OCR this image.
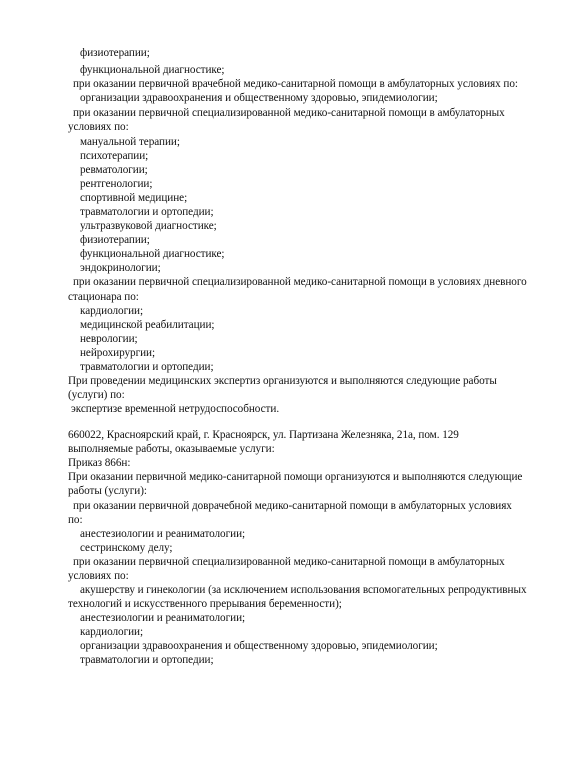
физиотерапии;
функциональной диагностике;
при оказании первичной врачебной медико-санитарной помощи в амбулаторных условиях по:
организации здравоохранения и общественному здоровью, эпидемиологии;
при оказании первичной специализированной медико-санитарной помощи в амбулаторных
условиях по:
мануальной терапии;
психотерапии;
ревматологии;
рентгенологии;
спортивной медицине;
травматологии и ортопедии;
ультразвуковой диагностике;
физиотерапии;
функциональной диагностике;
эндокринологии;
при оказании первичной специализированной медико-санитарной помощи в условиях дневного
стационара по:
кардиологии;
медицинской реабилитации;
неврологии;
нейрохирургии;
травматологии и ортопедии;
При проведении медицинских экспертиз организуются и выполняются следующие работы
(услуги) по:
экспертизе временной нетрудоспособности.
660022, Красноярский край, г. Красноярск, ул. Партизана Железняка, 21а, пом. 129
выполняемые работы, оказываемые услуги:
Приказ 866н:
При оказании первичной медико-санитарной помощи организуются и выполняются следующие
работы (услуги):
при оказании первичной доврачебной медико-санитарной помощи в амбулаторных условиях
по:
анестезиологии и реаниматологии;
сестринскому делу;
при оказании первичной специализированной медико-санитарной помощи в амбулаторных
условиях по:
акушерству и гинекологии (за исключением использования вспомогательных репродуктивных
технологий и искусственного прерывания беременности);
анестезиологии и реаниматологии;
кардиологии;
организации здравоохранения и общественному здоровью, эпидемиологии;
травматологии и ортопедии;
